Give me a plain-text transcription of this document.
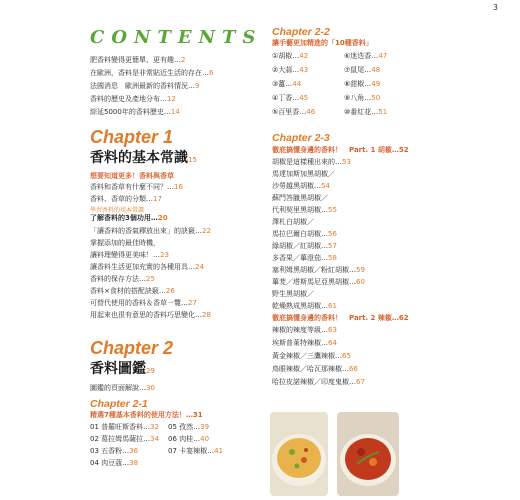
3
CONTENTS
肥香料變得更簡單、更有趣…2
在歐洲，香料是非常貼近生活的存在…6
法國消息　歐洲最新的香料情況…9
香料的歷史及產地分布…12
綜延5000年的香料歷史…14
Chapter 1
香料的基本常識15
想要知道更多！香料與香草
香料和香草有什麼不同？…16
香料、香草的分類…17
學習香料的基本常識
了解香料的3個功用…20
「讓香料的香氣釋放出來」的訣竅…22
掌握添加的最佳時機，
讓料理變得更美味！…23
讓香料生活更加充實的各種用具…24
香料的保存方法…25
香料×食材的搭配訣竅…26
可替代使用的香料＆香草一覽…27
用起來也很有意思的香料巧思變化…28
Chapter 2
香料圖鑑29
圖鑑的頁面解說…30
Chapter 2-1
精選7種基本香料的使用方法！…31
01 普羅旺斯香料…32	05 孜然…39
02 葛拉姆馬薩拉…34	06 肉桂…40
03 五香粉…36	07 卡宴辣椒…41
04 肉豆蔻…38
Chapter 2-2
讓手藝更加精進的「10種香料」
①胡椒…42	⑥迷迭香…47
②大蒜…43	⑦鼠尾…48
③薑…44	⑧甜椒…49
④丁香…45	⑨八角…50
⑤百里香…46	⑩番紅花…51
Chapter 2-3
徹底搞懂身邊的香料！　Part. 1 胡椒…52
胡椒是這樣種出來的…53
馬達加斯加黑胡椒／
沙勞越黑胡椒…54
蘇門答臘黑胡椒／
代利契里黑胡椒…55
澤札白胡椒／
馬拉巴爾白胡椒…56
綠胡椒／紅胡椒…57
多香果／蓽澄茄…58
塞利姆黑胡椒／粉紅胡椒…59
蓽茇／塔斯馬尼亞黑胡椒…60
野生黑胡椒／
乾燥熟成黑胡椒…61
徹底搞懂身邊的香料！　Part. 2 辣椒…62
辣椒的辣度等級…63
埃斯普萊特辣椒…64
黃金辣椒／三鷹辣椒…65
鳥眼辣椒／哈瓦那辣椒…66
哈拉皮諾辣椒／印度鬼椒…67
